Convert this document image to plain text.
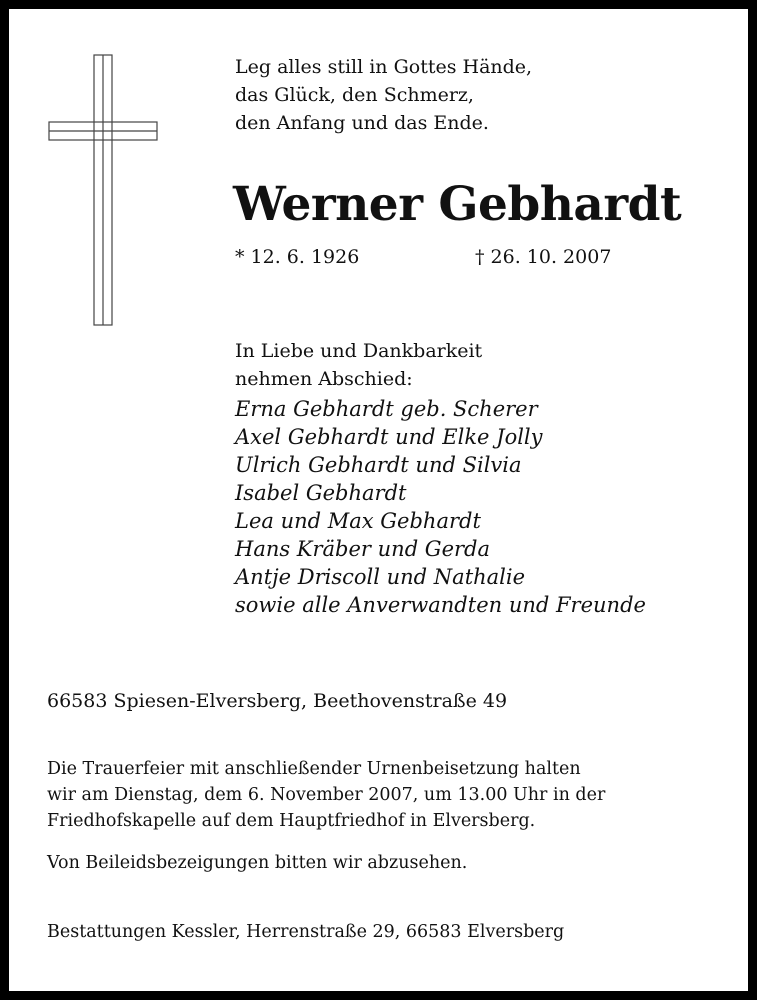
Leg alles still in Gottes Hände,
das Glück, den Schmerz,
den Anfang und das Ende.
Werner Gebhardt
* 12. 6. 1926	† 26. 10. 2007
In Liebe und Dankbarkeit
nehmen Abschied:
Erna Gebhardt geb. Scherer
Axel Gebhardt und Elke Jolly
Ulrich Gebhardt und Silvia
Isabel Gebhardt
Lea und Max Gebhardt
Hans Kräber und Gerda
Antje Driscoll und Nathalie
sowie alle Anverwandten und Freunde
66583 Spiesen-Elversberg, Beethovenstraße 49
Die Trauerfeier mit anschließender Urnenbeisetzung halten
wir am Dienstag, dem 6. November 2007, um 13.00 Uhr in der
Friedhofskapelle auf dem Hauptfriedhof in Elversberg.
Von Beileidsbezeigungen bitten wir abzusehen.
Bestattungen Kessler, Herrenstraße 29, 66583 Elversberg
